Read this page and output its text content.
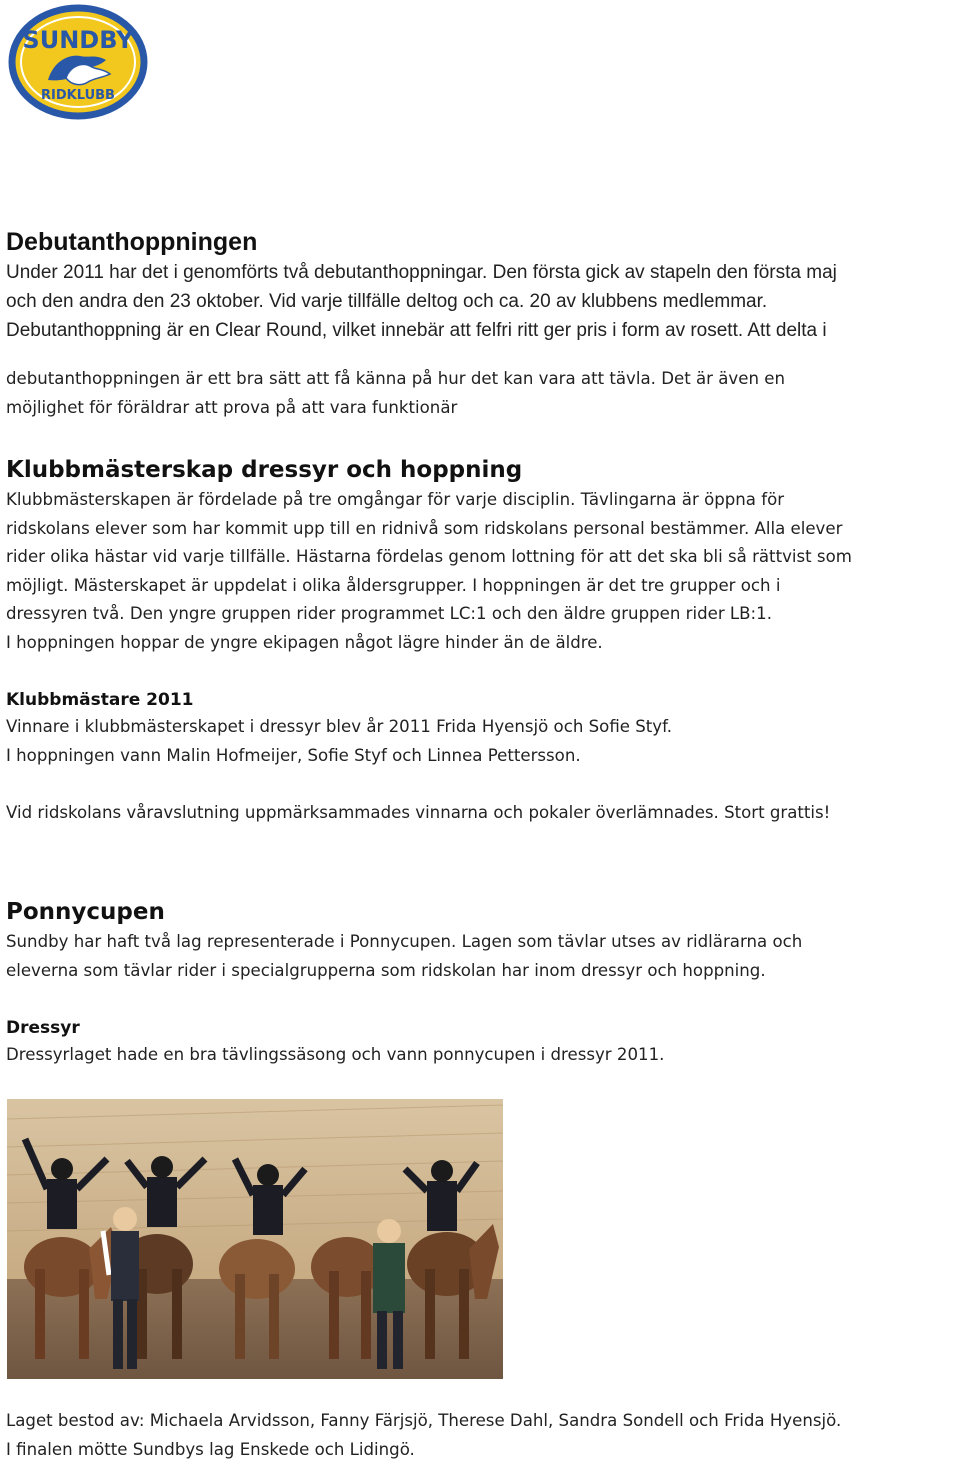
SUNDBY
RIDKLUBB
Debutanthoppningen

Under 2011 har det i genomförts två debutanthoppningar. Den första gick av stapeln den första maj
och den andra den 23 oktober. Vid varje tillfälle deltog och ca. 20 av klubbens medlemmar.
Debutanthoppning är en Clear Round, vilket innebär att felfri ritt ger pris i form av rosett. Att delta i

debutanthoppningen är ett bra sätt att få känna på hur det kan vara att tävla. Det är även en
möjlighet för föräldrar att prova på att vara funktionär

Klubbmästerskap dressyr och hoppning

Klubbmästerskapen är fördelade på tre omgångar för varje disciplin. Tävlingarna är öppna för
ridskolans elever som har kommit upp till en ridnivå som ridskolans personal bestämmer. Alla elever
rider olika hästar vid varje tillfälle. Hästarna fördelas genom lottning för att det ska bli så rättvist som
möjligt. Mästerskapet är uppdelat i olika åldersgrupper. I hoppningen är det tre grupper och i
dressyren två. Den yngre gruppen rider programmet LC:1 och den äldre gruppen rider LB:1.
I hoppningen hoppar de yngre ekipagen något lägre hinder än de äldre.

Klubbmästare 2011

Vinnare i klubbmästerskapet i dressyr blev år 2011 Frida Hyensjö och Sofie Styf.
I hoppningen vann Malin Hofmeijer, Sofie Styf och Linnea Pettersson.

Vid ridskolans våravslutning uppmärksammades vinnarna och pokaler överlämnades. Stort grattis!

Ponnycupen

Sundby har haft två lag representerade i Ponnycupen. Lagen som tävlar utses av ridlärarna och
eleverna som tävlar rider i specialgrupperna som ridskolan har inom dressyr och hoppning.

Dressyr

Dressyrlaget hade en bra tävlingssäsong och vann ponnycupen i dressyr 2011.

Laget bestod av: Michaela Arvidsson, Fanny Färjsjö, Therese Dahl, Sandra Sondell och Frida Hyensjö.
I finalen mötte Sundbys lag Enskede och Lidingö.
